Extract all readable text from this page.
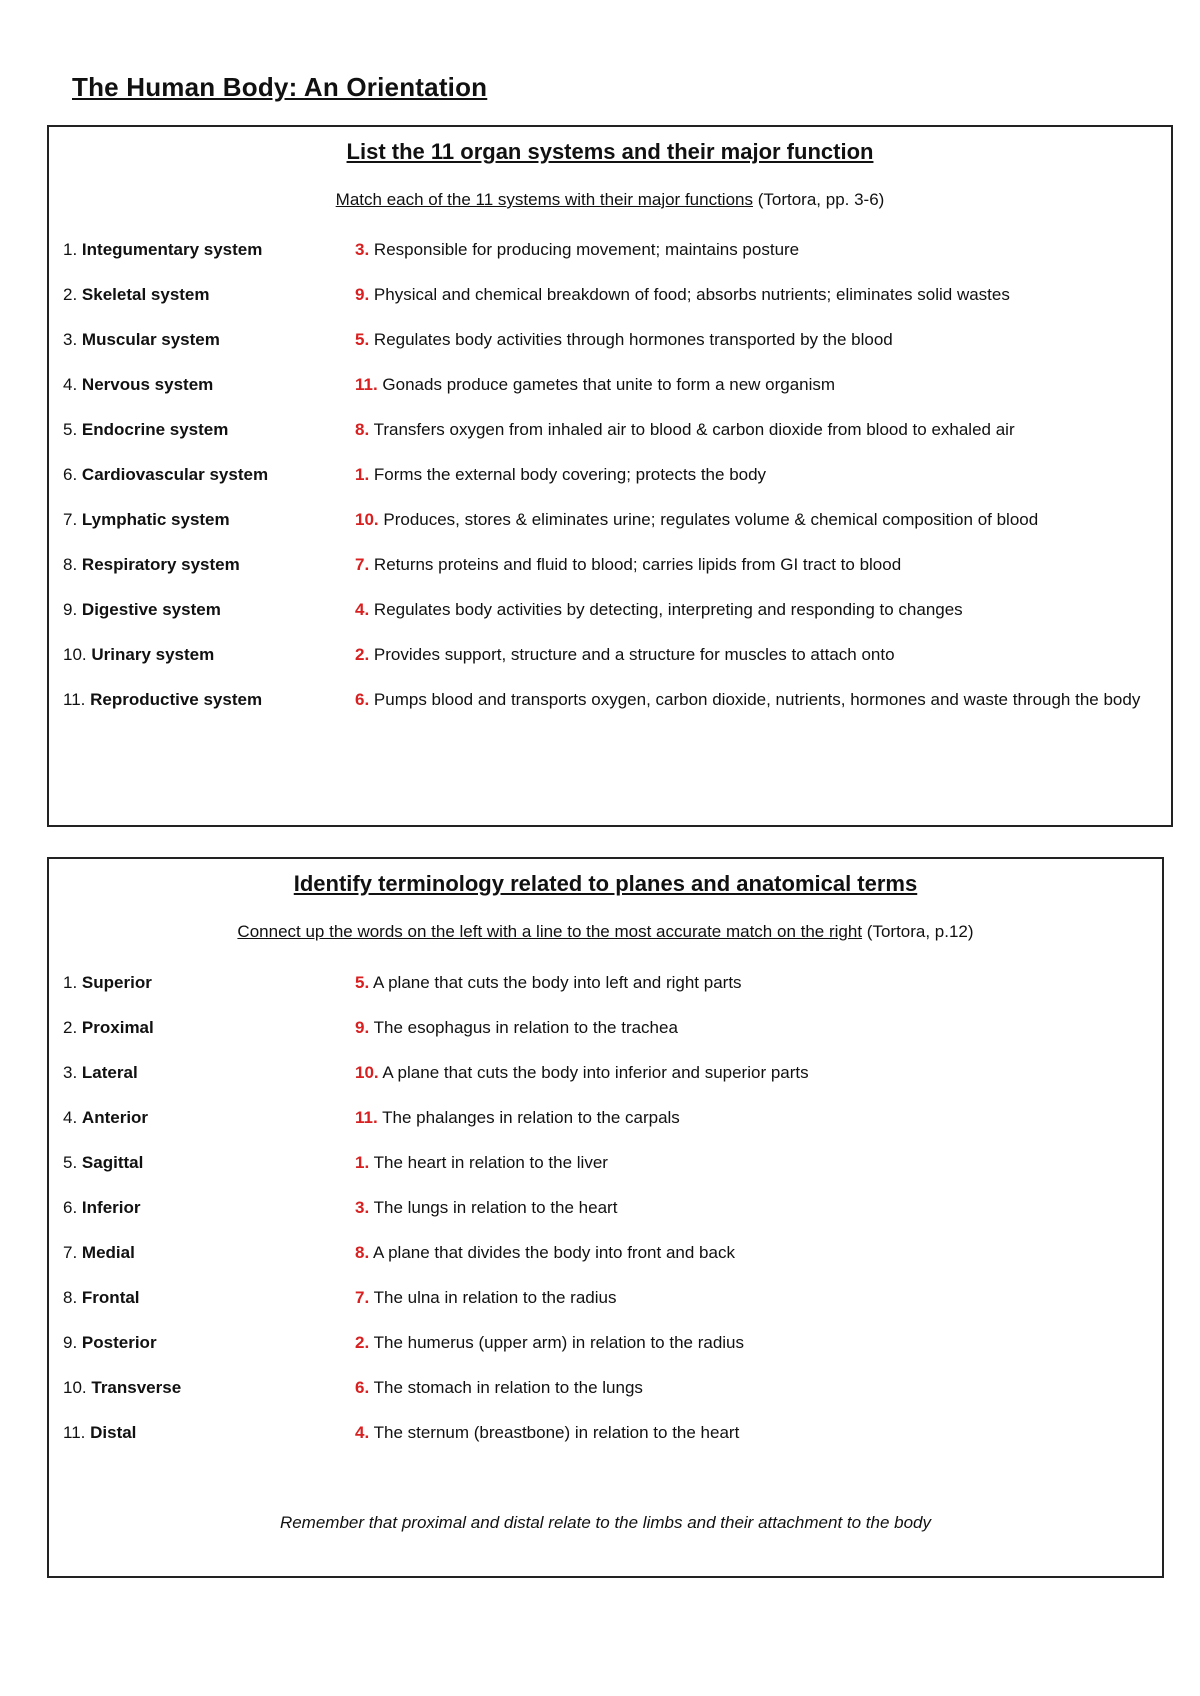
The Human Body: An Orientation
List the 11 organ systems and their major function
Match each of the 11 systems with their major functions (Tortora, pp. 3-6)
1. Integumentary system	3. Responsible for producing movement; maintains posture
2. Skeletal system	9. Physical and chemical breakdown of food; absorbs nutrients; eliminates solid wastes
3. Muscular system	5. Regulates body activities through hormones transported by the blood
4. Nervous system	11. Gonads produce gametes that unite to form a new organism
5. Endocrine system	8. Transfers oxygen from inhaled air to blood & carbon dioxide from blood to exhaled air
6. Cardiovascular system	1. Forms the external body covering; protects the body
7. Lymphatic system	10. Produces, stores & eliminates urine; regulates volume & chemical composition of blood
8. Respiratory system	7. Returns proteins and fluid to blood; carries lipids from GI tract to blood
9. Digestive system	4. Regulates body activities by detecting, interpreting and responding to changes
10. Urinary system	2. Provides support, structure and a structure for muscles to attach onto
11. Reproductive system	6. Pumps blood and transports oxygen, carbon dioxide, nutrients, hormones and waste through the body
Identify terminology related to planes and anatomical terms
Connect up the words on the left with a line to the most accurate match on the right (Tortora, p.12)
1. Superior	5. A plane that cuts the body into left and right parts
2. Proximal	9. The esophagus in relation to the trachea
3. Lateral	10. A plane that cuts the body into inferior and superior parts
4. Anterior	11. The phalanges in relation to the carpals
5. Sagittal	1. The heart in relation to the liver
6. Inferior	3. The lungs in relation to the heart
7. Medial	8. A plane that divides the body into front and back
8. Frontal	7. The ulna in relation to the radius
9. Posterior	2. The humerus (upper arm) in relation to the radius
10. Transverse	6. The stomach in relation to the lungs
11. Distal	4. The sternum (breastbone) in relation to the heart
Remember that proximal and distal relate to the limbs and their attachment to the body
